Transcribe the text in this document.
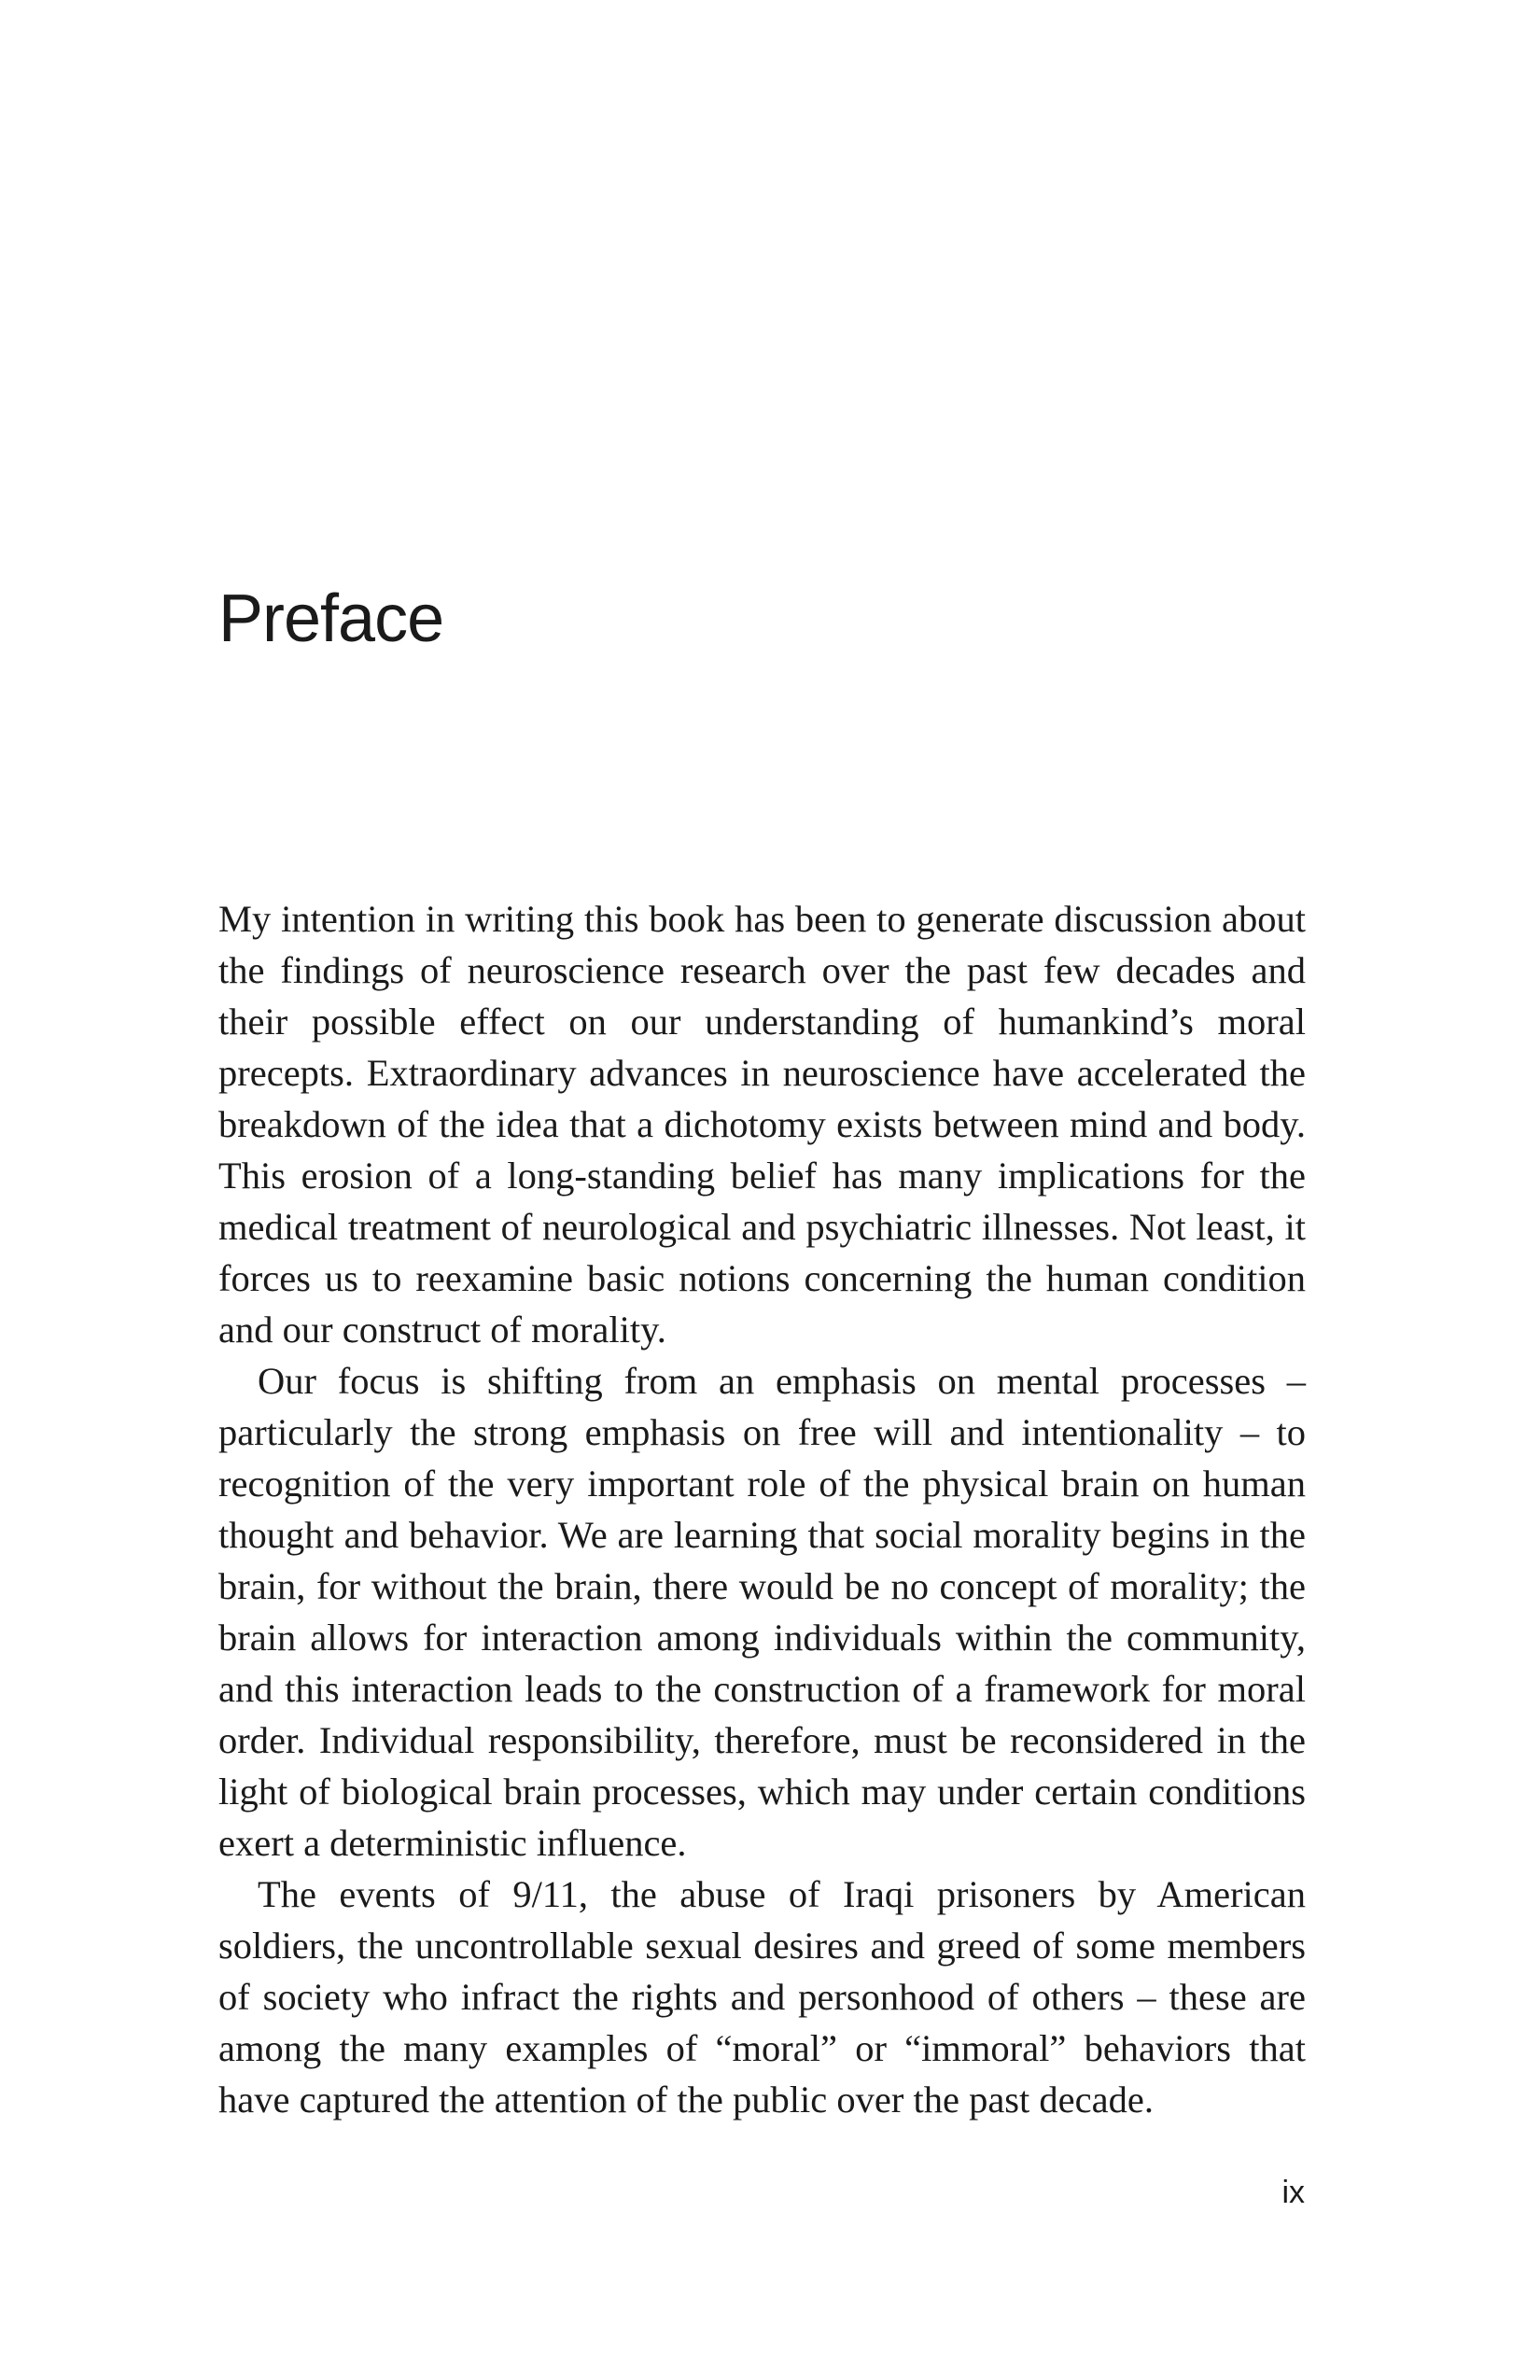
Preface

My intention in writing this book has been to generate discussion about the findings of neuroscience research over the past few decades and their possible effect on our understanding of humankind’s moral precepts. Extraordinary advances in neuroscience have accelerated the breakdown of the idea that a dichotomy exists between mind and body. This erosion of a long-standing belief has many implications for the medical treatment of neurological and psychiatric illnesses. Not least, it forces us to reexamine basic notions concerning the human condition and our construct of morality.

Our focus is shifting from an emphasis on mental processes – particularly the strong emphasis on free will and intentionality – to recognition of the very important role of the physical brain on human thought and behavior. We are learning that social morality begins in the brain, for without the brain, there would be no concept of morality; the brain allows for interaction among individuals within the community, and this interaction leads to the construction of a framework for moral order. Individual responsibility, therefore, must be reconsidered in the light of biological brain processes, which may under certain conditions exert a deterministic influence.

The events of 9/11, the abuse of Iraqi prisoners by American soldiers, the uncontrollable sexual desires and greed of some members of society who infract the rights and personhood of others – these are among the many examples of “moral” or “immoral” behaviors that have captured the attention of the public over the past decade.

ix
